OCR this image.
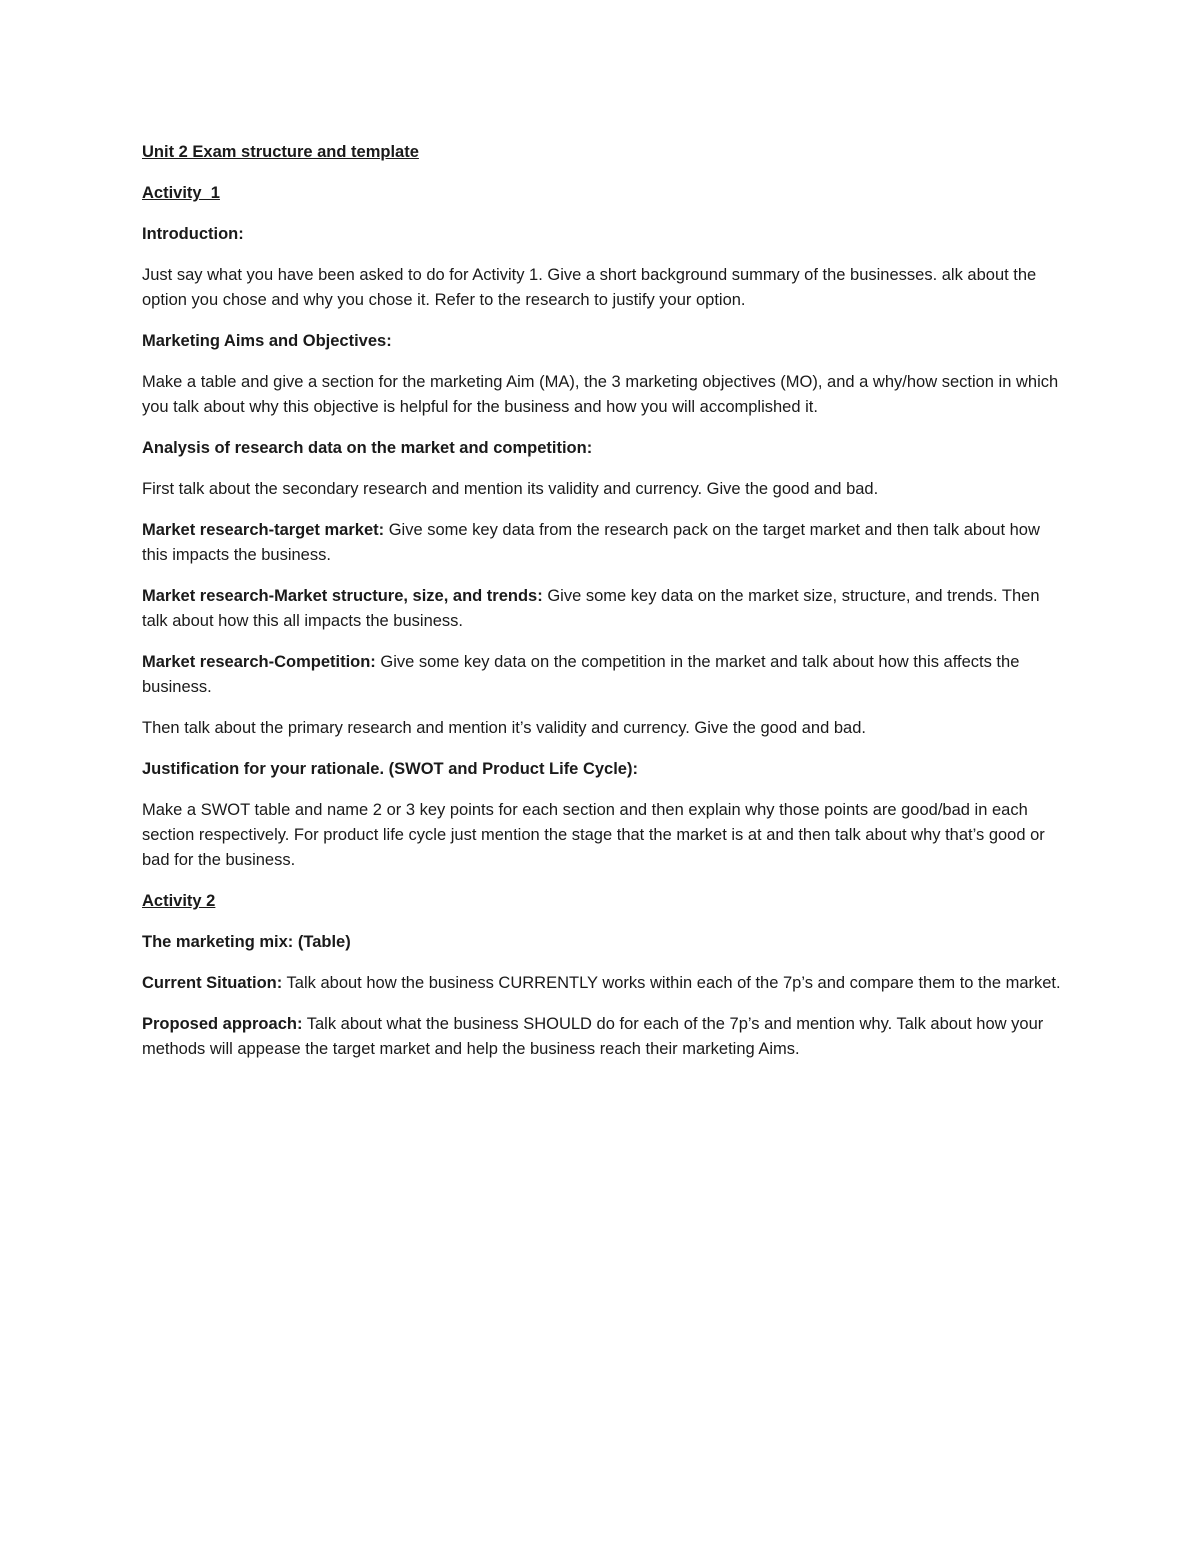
Unit 2 Exam structure and template

Activity  1

Introduction:

Just say what you have been asked to do for Activity 1. Give a short background summary of the businesses. alk about the option you chose and why you chose it. Refer to the research to justify your option.

Marketing Aims and Objectives:

Make a table and give a section for the marketing Aim (MA), the 3 marketing objectives (MO), and a why/how section in which you talk about why this objective is helpful for the business and how you will accomplished it.

Analysis of research data on the market and competition:

First talk about the secondary research and mention its validity and currency. Give the good and bad.

Market research-target market: Give some key data from the research pack on the target market and then talk about how this impacts the business.

Market research-Market structure, size, and trends: Give some key data on the market size, structure, and trends. Then talk about how this all impacts the business.

Market research-Competition: Give some key data on the competition in the market and talk about how this affects the business.

Then talk about the primary research and mention it’s validity and currency. Give the good and bad.

Justification for your rationale. (SWOT and Product Life Cycle):

Make a SWOT table and name 2 or 3 key points for each section and then explain why those points are good/bad in each section respectively. For product life cycle just mention the stage that the market is at and then talk about why that’s good or bad for the business.

Activity 2

The marketing mix: (Table)

Current Situation: Talk about how the business CURRENTLY works within each of the 7p’s and compare them to the market.

Proposed approach: Talk about what the business SHOULD do for each of the 7p’s and mention why. Talk about how your methods will appease the target market and help the business reach their marketing Aims.
